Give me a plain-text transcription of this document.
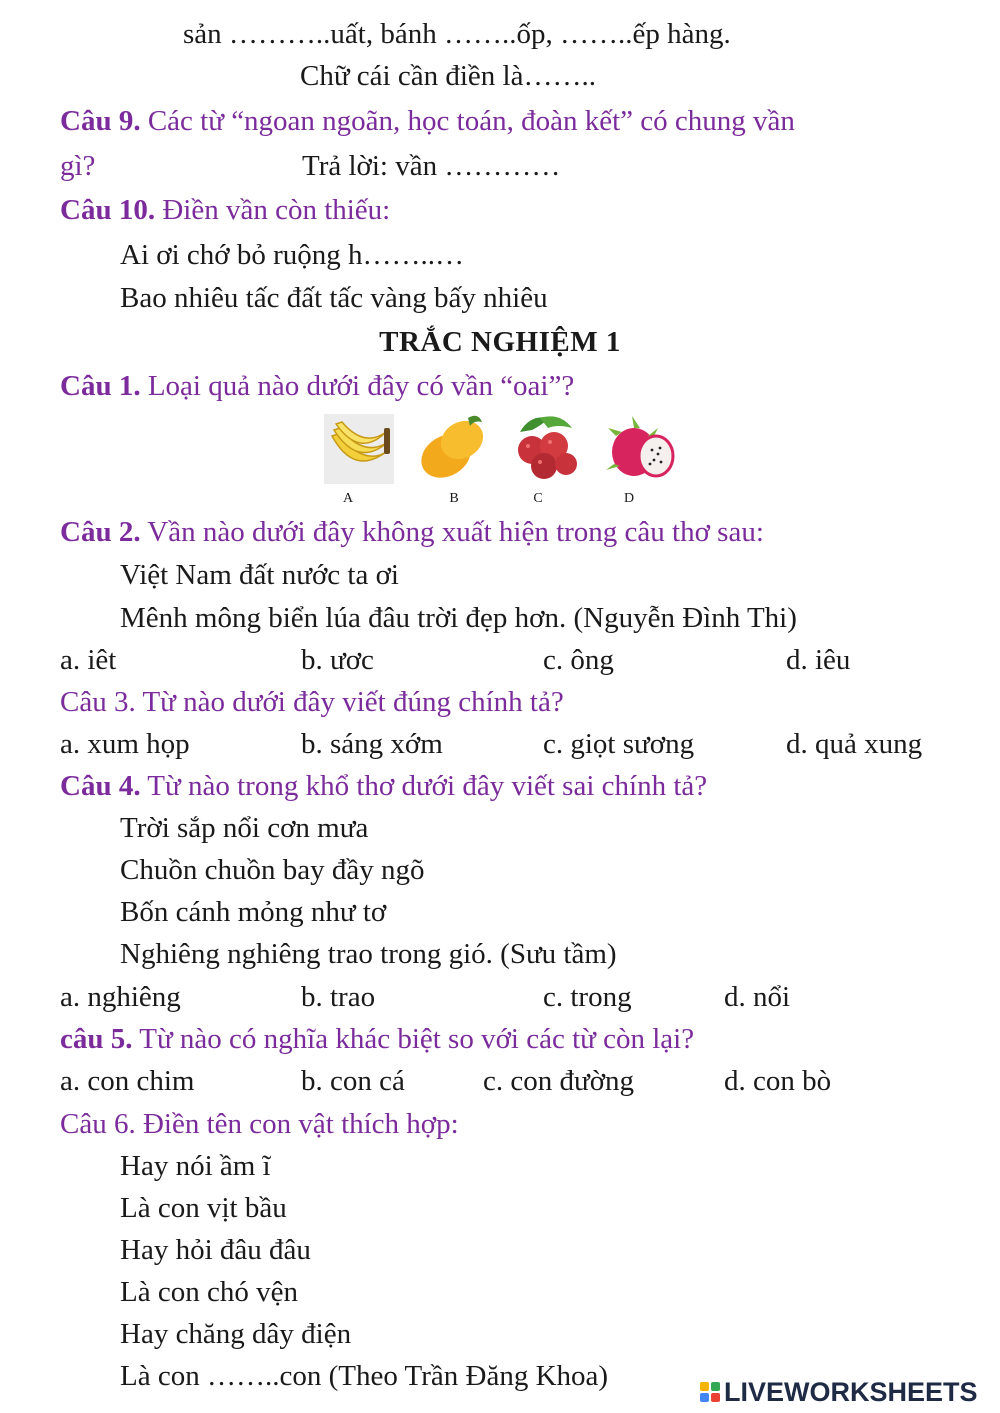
sản ………..uất, bánh ……..ốp, ……..ếp hàng.
Chữ cái cần điền là……..
Câu 9. Các từ “ngoan ngoãn, học toán, đoàn kết” có chung vần
gì?	Trả lời: vần …………
Câu 10. Điền vần còn thiếu:
Ai ơi chớ bỏ ruộng h……..…
Bao nhiêu tấc đất tấc vàng bấy nhiêu
TRẮC NGHIỆM 1
Câu 1. Loại quả nào dưới đây có vần “oai”?
A	B	C	D
Câu 2. Vần nào dưới đây không xuất hiện trong câu thơ sau:
Việt Nam đất nước ta ơi
Mênh mông biển lúa đâu trời đẹp hơn. (Nguyễn Đình Thi)
a. iêt	b. ươc	c. ông	d. iêu
Câu 3. Từ nào dưới đây viết đúng chính tả?
a. xum họp	b. sáng xớm	c. giọt sương	d. quả xung
Câu 4. Từ nào trong khổ thơ dưới đây viết sai chính tả?
Trời sắp nổi cơn mưa
Chuồn chuồn bay đầy ngõ
Bốn cánh mỏng như tơ
Nghiêng nghiêng trao trong gió. (Sưu tầm)
a. nghiêng	b. trao	c. trong	d. nổi
câu 5. Từ nào có nghĩa khác biệt so với các từ còn lại?
a. con chim	b. con cá	c. con đường	d. con bò
Câu 6. Điền tên con vật thích hợp:
Hay nói ầm ĩ
Là con vịt bầu
Hay hỏi đâu đâu
Là con chó vện
Hay chăng dây điện
Là con ……..con (Theo Trần Đăng Khoa)	LIVEWORKSHEETS
